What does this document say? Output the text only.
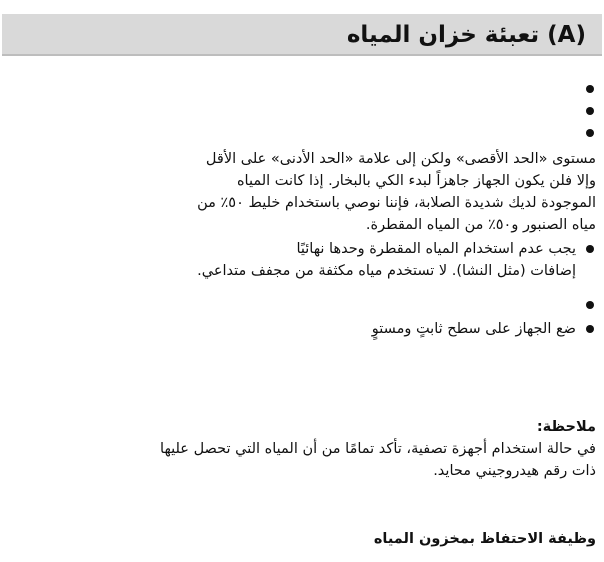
(A) تعبئة خزان المياه
مستوى «الحد الأقصى» ولكن إلى علامة «الحد الأدنى» على الأقل
وإلا فلن يكون الجهاز جاهزاً لبدء الكي بالبخار. إذا كانت المياه
الموجودة لديك شديدة الصلابة، فإننا نوصي باستخدام خليط ٥٠٪ من
مياه الصنبور و٥٠٪ من المياه المقطرة.
يجب عدم استخدام المياه المقطرة وحدها نهائيًا
إضافات (مثل النشا). لا تستخدم مياه مكثفة من مجفف متداعي.
ضع الجهاز على سطح ثابتٍ ومستوٍ
ملاحظة:
في حالة استخدام أجهزة تصفية، تأكد تمامًا من أن المياه التي تحصل عليها
ذات رقم هيدروجيني محايد.
وظيفة الاحتفاظ بمخزون المياه
